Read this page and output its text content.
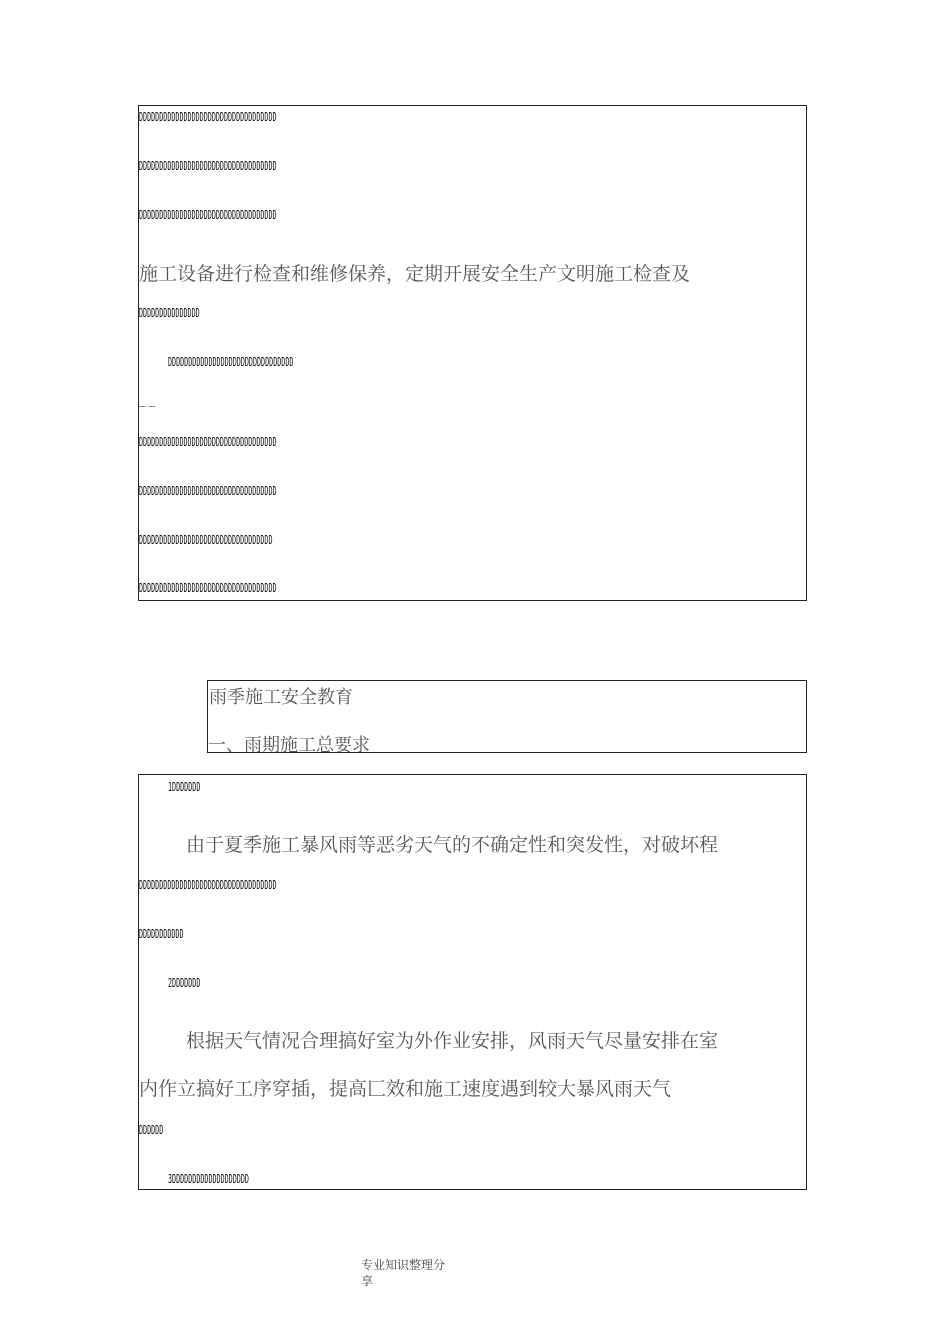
DDDDDDDDDDDDDDDDDDDDDDDDDDDDDDDDDD
DDDDDDDDDDDDDDDDDDDDDDDDDDDDDDDDDD
DDDDDDDDDDDDDDDDDDDDDDDDDDDDDDDDDD
施工设备进行检查和维修保养，定期开展安全生产文明施工检查及
DDDDDDDDDDDDDDD
DDDDDDDDDDDDDDDDDDDDDDDDDDDDDDD
…… ……
DDDDDDDDDDDDDDDDDDDDDDDDDDDDDDDDDD
DDDDDDDDDDDDDDDDDDDDDDDDDDDDDDDDDD
DDDDDDDDDDDDDDDDDDDDDDDDDDDDDDDDD
DDDDDDDDDDDDDDDDDDDDDDDDDDDDDDDDDD
雨季施工安全教育
一、雨期施工总要求
1DDDDDDD
由于夏季施工暴风雨等恶劣天气的不确定性和突发性，对破坏程
DDDDDDDDDDDDDDDDDDDDDDDDDDDDDDDDDD
DDDDDDDDDDD
2DDDDDDD
根据天气情况合理搞好室为外作业安排，风雨天气尽量安排在室
内作立搞好工序穿插，提高匚效和施工速度遇到较大暴风雨天气
DDDDDD
3DDDDDDDDDDDDDDDDDDD
专业知识整理分
享
